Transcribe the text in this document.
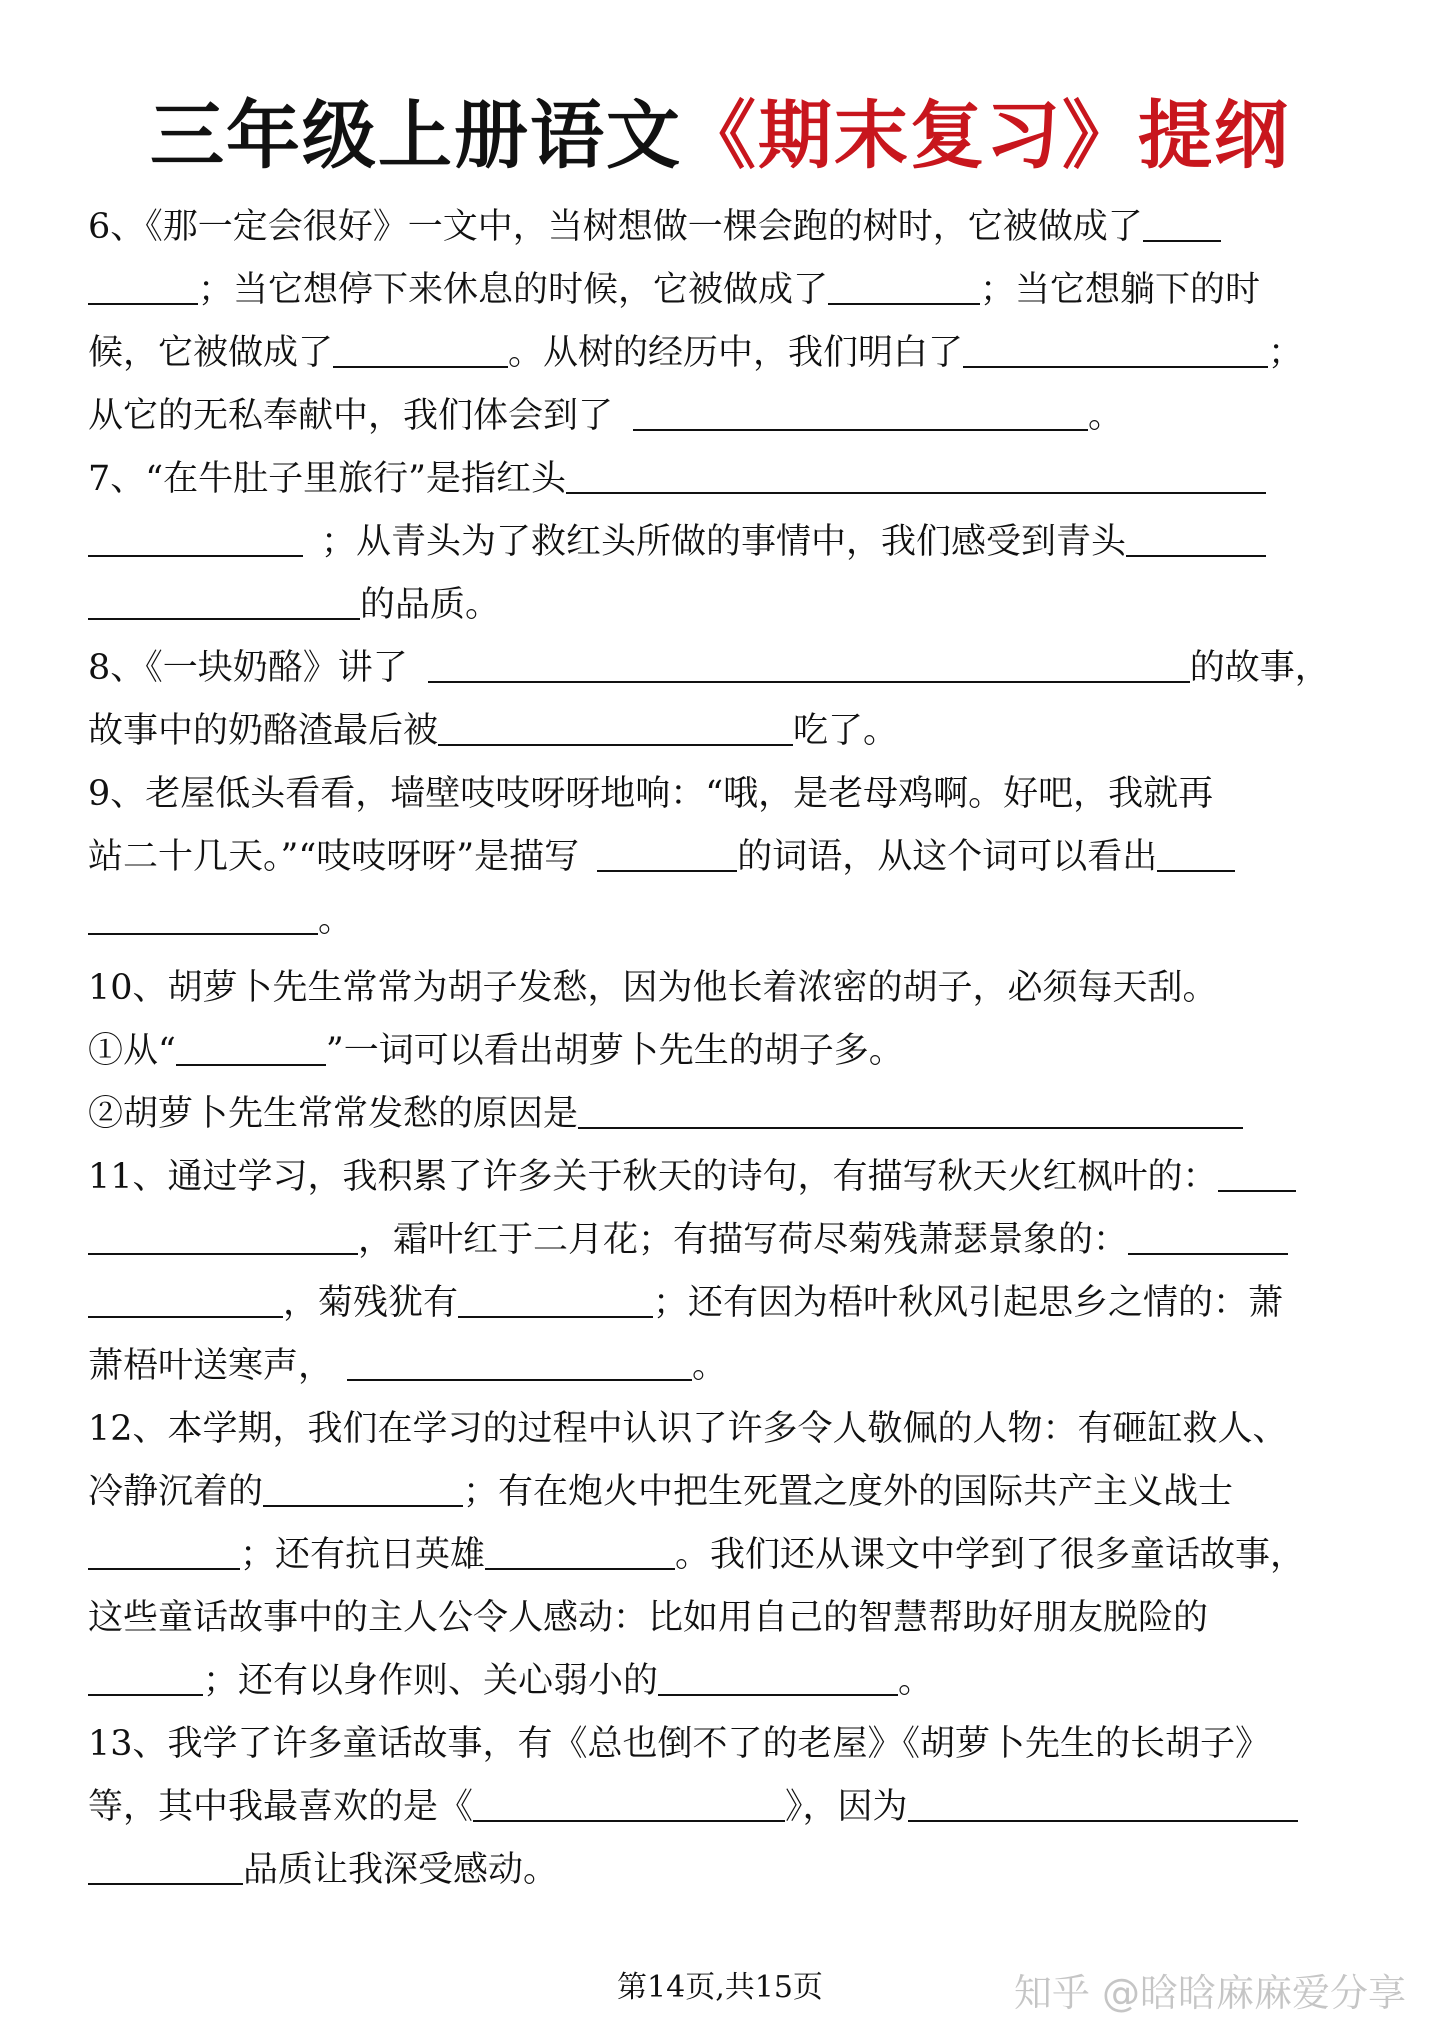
三年级上册语文《期末复习》提纲
6、《那一定会很好》一文中，当树想做一棵会跑的树时，它被做成了
；当它想停下来休息的时候，它被做成了	；当它想躺下的时
候，它被做成了	。从树的经历中，我们明白了	；
从它的无私奉献中，我们体会到了	。
7、“在牛肚子里旅行”是指红头
；从青头为了救红头所做的事情中，我们感受到青头
的品质。
8、《一块奶酪》讲了	的故事，
故事中的奶酪渣最后被	吃了。
9、老屋低头看看，墙壁吱吱呀呀地响：“哦，是老母鸡啊。好吧，我就再
站二十几天。”“吱吱呀呀”是描写	的词语，从这个词可以看出
。
10、胡萝卜先生常常为胡子发愁，因为他长着浓密的胡子，必须每天刮。
①从“	”一词可以看出胡萝卜先生的胡子多。
②胡萝卜先生常常发愁的原因是
11、通过学习，我积累了许多关于秋天的诗句，有描写秋天火红枫叶的：
，霜叶红于二月花；有描写荷尽菊残萧瑟景象的：
，菊残犹有	；还有因为梧叶秋风引起思乡之情的：萧
萧梧叶送寒声，	。
12、本学期，我们在学习的过程中认识了许多令人敬佩的人物：有砸缸救人、
冷静沉着的	；有在炮火中把生死置之度外的国际共产主义战士
；还有抗日英雄	。我们还从课文中学到了很多童话故事，
这些童话故事中的主人公令人感动：比如用自己的智慧帮助好朋友脱险的
；还有以身作则、关心弱小的	。
13、我学了许多童话故事，有《总也倒不了的老屋》《胡萝卜先生的长胡子》
等，其中我最喜欢的是《	》，因为
品质让我深受感动。
第14页,共15页	知乎 @晗晗麻麻爱分享
